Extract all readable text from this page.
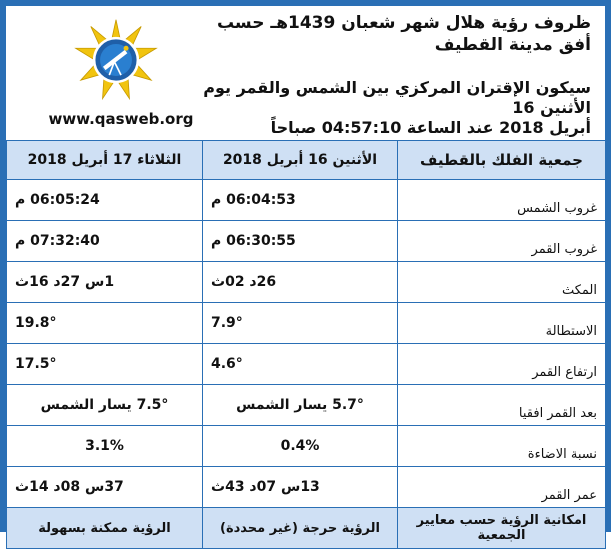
www.qasweb.org
ظروف رؤية هلال شهر شعبان 1439هـ حسب أفق مدينة القطيف
سيكون الإقتران المركزي بين الشمس والقمر يوم الأثنين 16
أبريل 2018 عند الساعة 04:57:10 صباحاً
جمعية الفلك بالقطيف	الأثنين 16 أبريل 2018	الثلاثاء 17 أبريل 2018
غروب الشمس	06:04:53 م	06:05:24 م
غروب القمر	06:30:55 م	07:32:40 م
المكث	26د 02ث	1س 27د 16ث
الاستطالة	7.9°	19.8°
ارتفاع القمر	4.6°	17.5°
بعد القمر افقيا	5.7° يسار الشمس	7.5° يسار الشمس
نسبة الاضاءة	0.4%	3.1%
عمر القمر	13س 07د 43ث	37س 08د 14ث
امكانية الرؤية حسب معايير الجمعية	الرؤية حرجة (غير محددة)	الرؤية ممكنة بسهولة
